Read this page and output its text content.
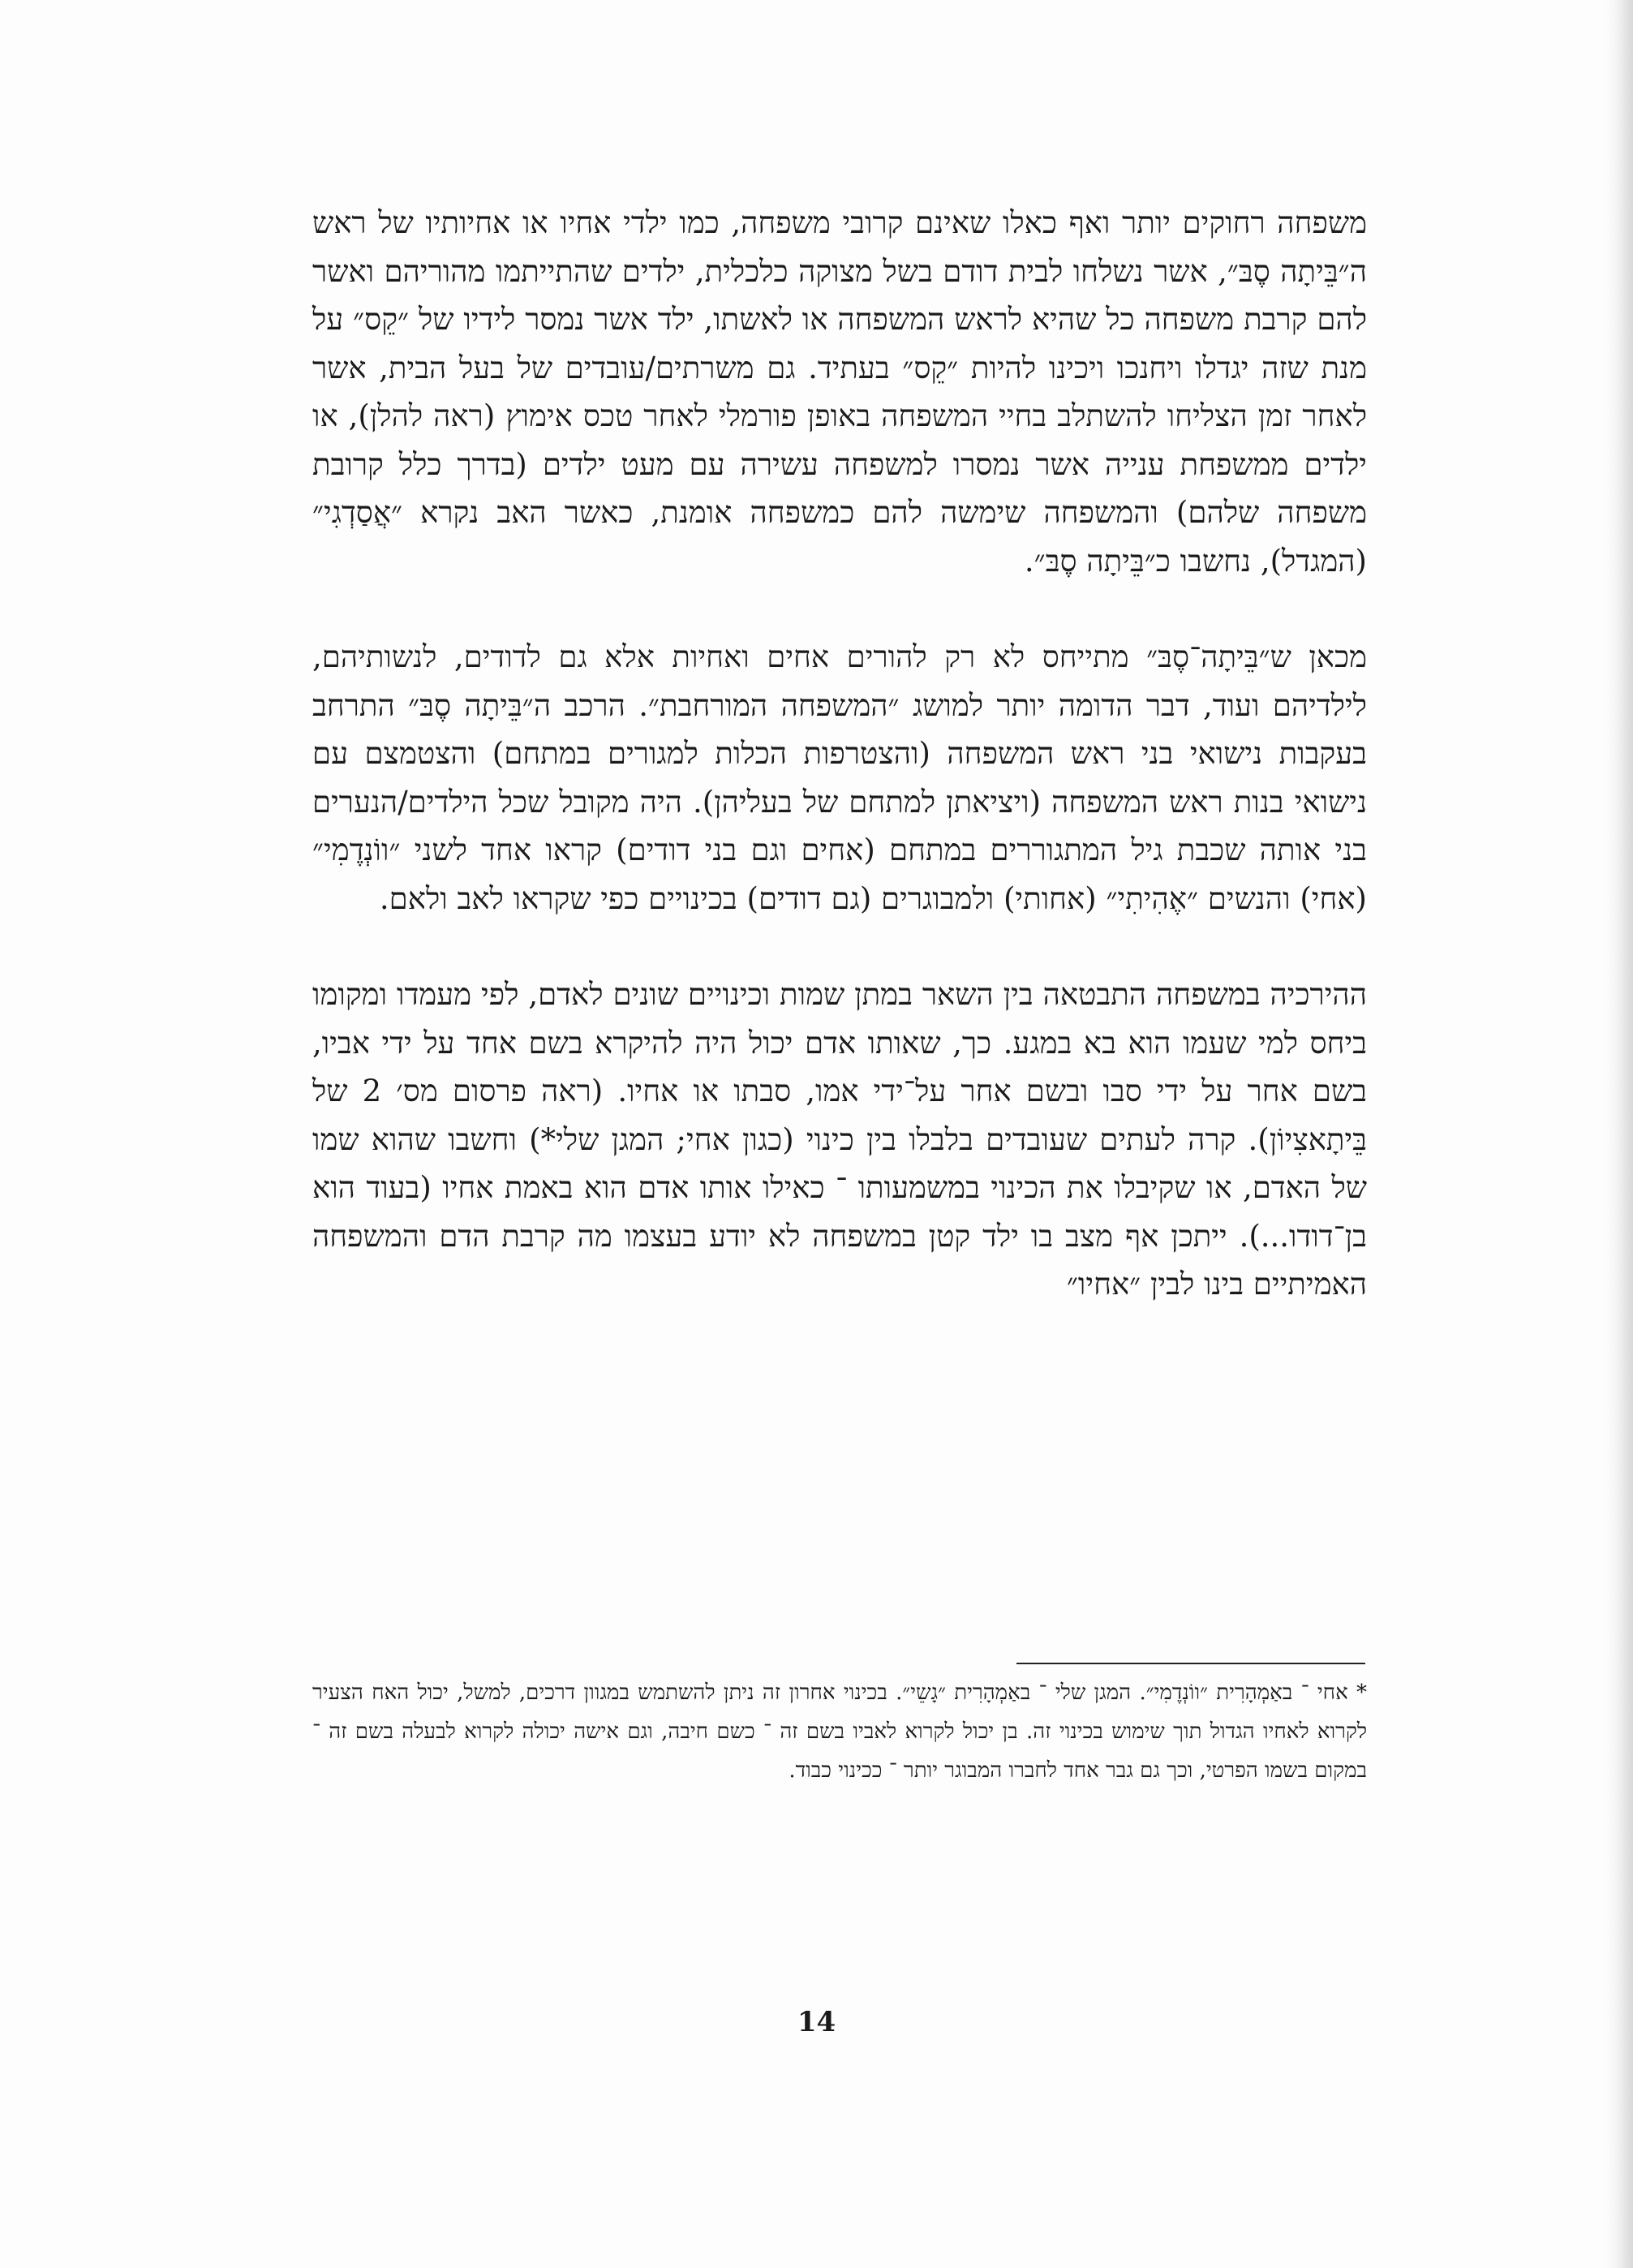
משפחה רחוקים יותר ואף כאלו שאינם קרובי משפחה, כמו ילדי אחיו או אחיותיו של ראש ה״בֵּיתָה סֶבּ״, אשר נשלחו לבית דודם בשל מצוקה כלכלית, ילדים שהתייתמו מהוריהם ואשר להם קרבת משפחה כל שהיא לראש המשפחה או לאשתו, ילד אשר נמסר לידיו של ״קֵס״ על מנת שזה יגדלו ויחנכו ויכינו להיות ״קֵס״ בעתיד. גם משרתים/עובדים של בעל הבית, אשר לאחר זמן הצליחו להשתלב בחיי המשפחה באופן פורמלי לאחר טכס אימוץ (ראה להלן), או ילדים ממשפחת ענייה אשר נמסרו למשפחה עשירה עם מעט ילדים (בדרך כלל קרובת משפחה שלהם) והמשפחה שימשה להם כמשפחה אומנת, כאשר האב נקרא ״אֲסַדְגִי״ (המגדל), נחשבו כ״בֵּיתָה סֶבּ״.

מכאן ש״בֵּיתָה־סֶבּ״ מתייחס לא רק להורים אחים ואחיות אלא גם לדודים, לנשותיהם, לילדיהם ועוד, דבר הדומה יותר למושג ״המשפחה המורחבת״. הרכב ה״בֵּיתָה סֶבּ״ התרחב בעקבות נישואי בני ראש המשפחה (והצטרפות הכלות למגורים במתחם) והצטמצם עם נישואי בנות ראש המשפחה (ויציאתן למתחם של בעליהן). היה מקובל שכל הילדים/הנערים בני אותה שכבת גיל המתגוררים במתחם (אחים וגם בני דודים) קראו אחד לשני ״ווֹנְדֶמִי״ (אחי) והנשים ״אֶהִיתִי״ (אחותי) ולמבוגרים (גם דודים) בכינויים כפי שקראו לאב ולאם.

ההירכיה במשפחה התבטאה בין השאר במתן שמות וכינויים שונים לאדם, לפי מעמדו ומקומו ביחס למי שעמו הוא בא במגע. כך, שאותו אדם יכול היה להיקרא בשם אחד על ידי אביו, בשם אחר על ידי סבו ובשם אחר על־ידי אמו, סבתו או אחיו. (ראה פרסום מס׳ 2 של בֵּיתָאצִיוֹן). קרה לעתים שעובדים בלבלו בין כינוי (כגון אחי; המגן שלי*) וחשבו שהוא שמו של האדם, או שקיבלו את הכינוי במשמעותו ־ כאילו אותו אדם הוא באמת אחיו (בעוד הוא בן־דודו...). ייתכן אף מצב בו ילד קטן במשפחה לא יודע בעצמו מה קרבת הדם והמשפחה האמיתיים בינו לבין ״אחיו״

* אחי ־ באַמְהָרִית ״ווֹנְדֶמִי״. המגן שלי ־ באַמְהָרִית ״גָשֵי״. בכינוי אחרון זה ניתן להשתמש במגוון דרכים, למשל, יכול האח הצעיר לקרוא לאחיו הגדול תוך שימוש בכינוי זה. בן יכול לקרוא לאביו בשם זה ־ כשם חיבה, וגם אישה יכולה לקרוא לבעלה בשם זה ־ במקום בשמו הפרטי, וכך גם גבר אחד לחברו המבוגר יותר ־ ככינוי כבוד.

14
